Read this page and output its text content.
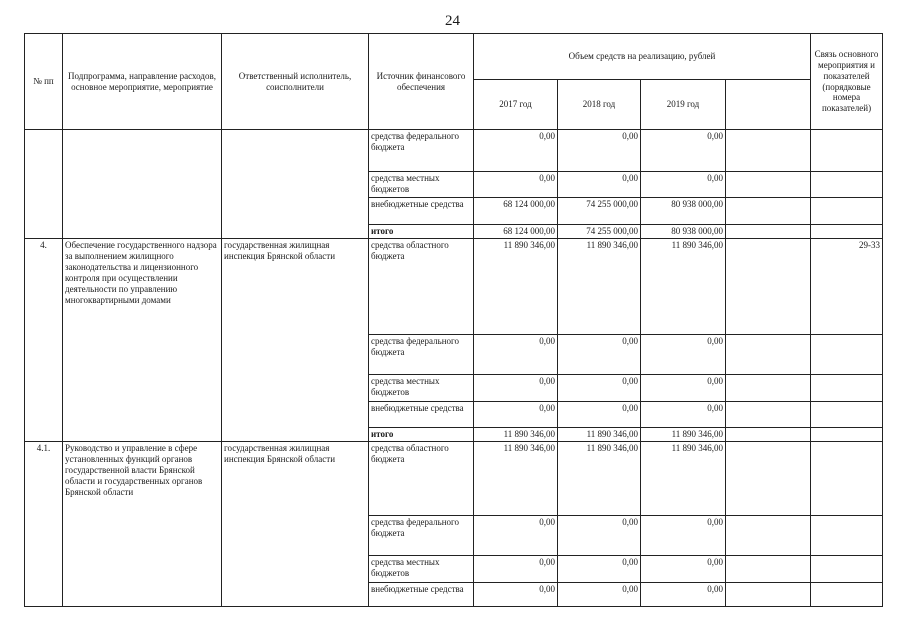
24
№ пп	Подпрограмма, направление расходов, основное мероприятие, мероприятие	Ответственный исполнитель, соисполнители	Источник финансового обеспечения	Объем средств на реализацию, рублей				Связь основного мероприятия и показателей (порядковые номера показателей)
				2017 год	2018 год	2019 год		
			средства федерального бюджета	0,00	0,00	0,00		
			средства местных бюджетов	0,00	0,00	0,00		
			внебюджетные средства	68 124 000,00	74 255 000,00	80 938 000,00		
			итого	68 124 000,00	74 255 000,00	80 938 000,00		
4.	Обеспечение государственного надзора за выполнением жилищного законодательства и лицензионного контроля при осуществлении деятельности по управлению многоквартирными домами	государственная жилищная инспекция Брянской области	средства областного бюджета	11 890 346,00	11 890 346,00	11 890 346,00		29-33
			средства федерального бюджета	0,00	0,00	0,00		
			средства местных бюджетов	0,00	0,00	0,00		
			внебюджетные средства	0,00	0,00	0,00		
			итого	11 890 346,00	11 890 346,00	11 890 346,00		
4.1.	Руководство и управление в сфере установленных функций органов государственной власти Брянской области и государственных органов Брянской области	государственная жилищная инспекция Брянской области	средства областного бюджета	11 890 346,00	11 890 346,00	11 890 346,00		
			средства федерального бюджета	0,00	0,00	0,00		
			средства местных бюджетов	0,00	0,00	0,00		
			внебюджетные средства	0,00	0,00	0,00		
